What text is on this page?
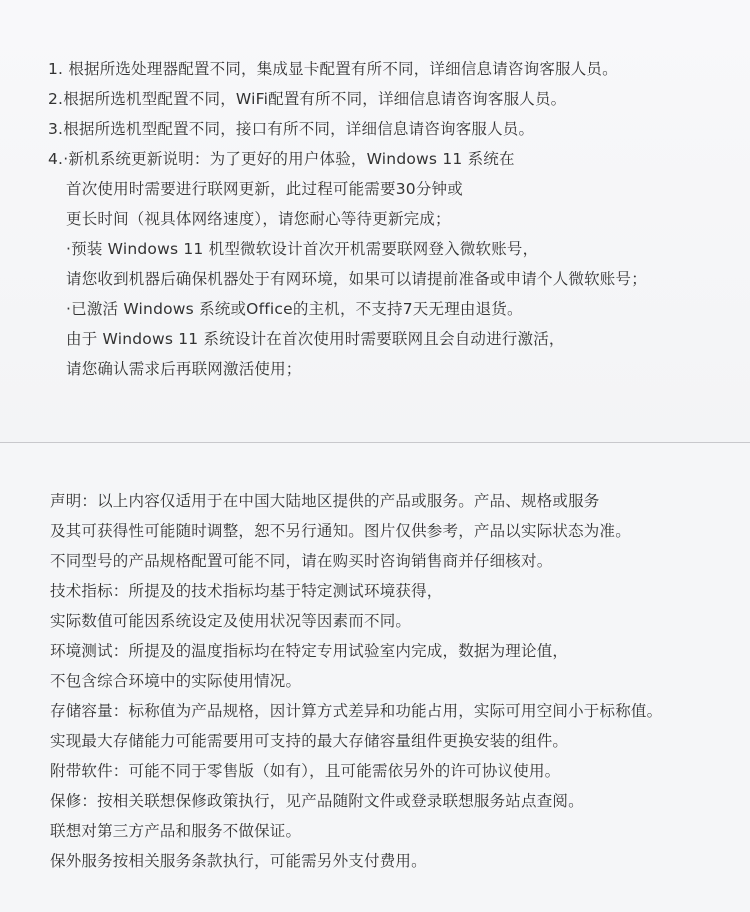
1. 根据所选处理器配置不同，集成显卡配置有所不同，详细信息请咨询客服人员。
2.根据所选机型配置不同，WiFi配置有所不同，详细信息请咨询客服人员。
3.根据所选机型配置不同，接口有所不同，详细信息请咨询客服人员。
4.·新机系统更新说明：为了更好的用户体验，Windows 11 系统在
首次使用时需要进行联网更新，此过程可能需要30分钟或
更长时间（视具体网络速度），请您耐心等待更新完成；
·预装 Windows 11 机型微软设计首次开机需要联网登入微软账号，
请您收到机器后确保机器处于有网环境，如果可以请提前准备或申请个人微软账号；
·已激活 Windows 系统或Office的主机，不支持7天无理由退货。
由于 Windows 11 系统设计在首次使用时需要联网且会自动进行激活，
请您确认需求后再联网激活使用；
声明：以上内容仅适用于在中国大陆地区提供的产品或服务。产品、规格或服务
及其可获得性可能随时调整，恕不另行通知。图片仅供参考，产品以实际状态为准。
不同型号的产品规格配置可能不同，请在购买时咨询销售商并仔细核对。
技术指标：所提及的技术指标均基于特定测试环境获得，
实际数值可能因系统设定及使用状况等因素而不同。
环境测试：所提及的温度指标均在特定专用试验室内完成，数据为理论值，
不包含综合环境中的实际使用情况。
存储容量：标称值为产品规格，因计算方式差异和功能占用，实际可用空间小于标称值。
实现最大存储能力可能需要用可支持的最大存储容量组件更换安装的组件。
附带软件：可能不同于零售版（如有），且可能需依另外的许可协议使用。
保修：按相关联想保修政策执行，见产品随附文件或登录联想服务站点查阅。
联想对第三方产品和服务不做保证。
保外服务按相关服务条款执行，可能需另外支付费用。
